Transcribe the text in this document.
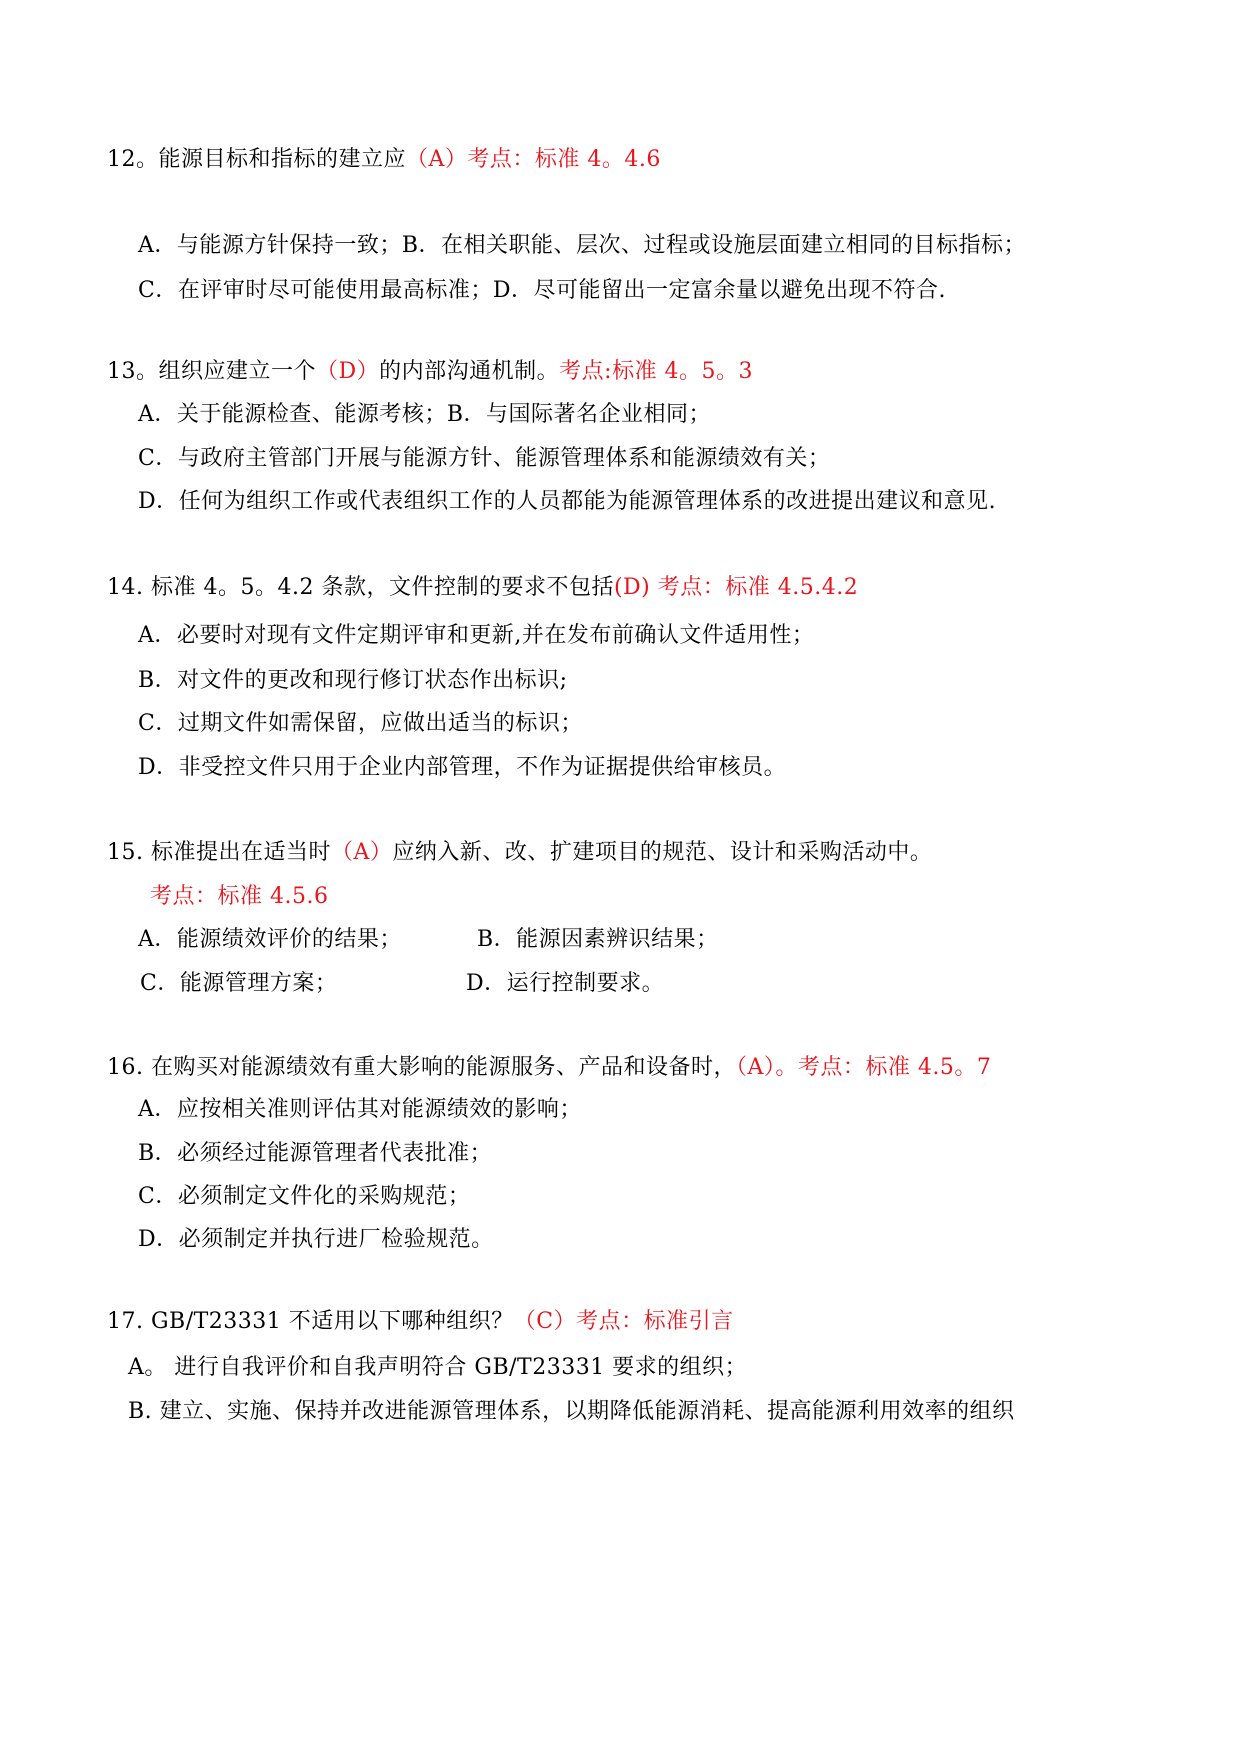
12。能源目标和指标的建立应（A）考点：标准 4。4.6
A．与能源方针保持一致；B．在相关职能、层次、过程或设施层面建立相同的目标指标；
C．在评审时尽可能使用最高标准；D．尽可能留出一定富余量以避免出现不符合.
13。组织应建立一个（D）的内部沟通机制。考点:标准 4。5。3
A．关于能源检查、能源考核；B．与国际著名企业相同；
C．与政府主管部门开展与能源方针、能源管理体系和能源绩效有关；
D．任何为组织工作或代表组织工作的人员都能为能源管理体系的改进提出建议和意见.
14. 标准 4。5。4.2 条款，文件控制的要求不包括(D) 考点：标准 4.5.4.2
A．必要时对现有文件定期评审和更新,并在发布前确认文件适用性；
B．对文件的更改和现行修订状态作出标识;
C．过期文件如需保留，应做出适当的标识；
D．非受控文件只用于企业内部管理，不作为证据提供给审核员。
15. 标准提出在适当时（A）应纳入新、改、扩建项目的规范、设计和采购活动中。
考点：标准 4.5.6
A．能源绩效评价的结果；	B．能源因素辨识结果；
C．能源管理方案；	D．运行控制要求。
16. 在购买对能源绩效有重大影响的能源服务、产品和设备时，（A）。考点：标准 4.5。7
A．应按相关准则评估其对能源绩效的影响；
B．必须经过能源管理者代表批准；
C．必须制定文件化的采购规范；
D．必须制定并执行进厂检验规范。
17. GB/T23331 不适用以下哪种组织？（C）考点：标准引言
A。 进行自我评价和自我声明符合 GB/T23331 要求的组织；
B. 建立、实施、保持并改进能源管理体系，以期降低能源消耗、提高能源利用效率的组织
